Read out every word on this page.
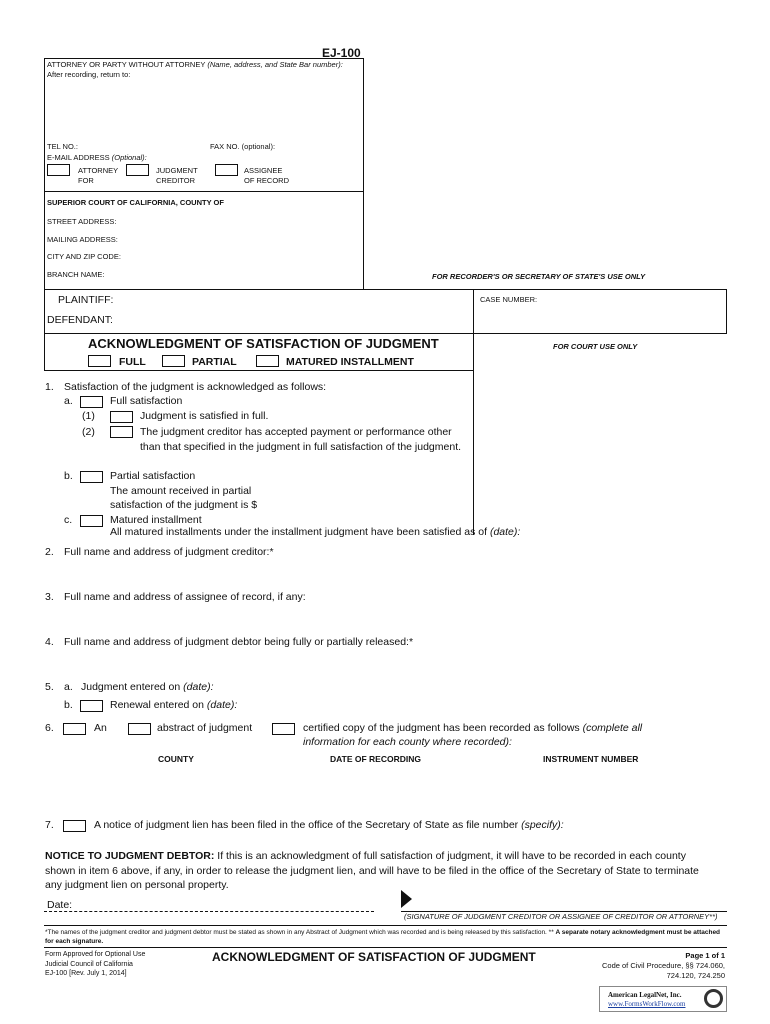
EJ-100
ATTORNEY OR PARTY WITHOUT ATTORNEY (Name, address, and State Bar number):
After recording, return to:
TEL NO.:	FAX NO. (optional):
E-MAIL ADDRESS (Optional):
ATTORNEY
FOR
JUDGMENT
CREDITOR
ASSIGNEE
OF RECORD
SUPERIOR COURT OF CALIFORNIA, COUNTY OF
STREET ADDRESS:
MAILING ADDRESS:
CITY AND ZIP CODE:
BRANCH NAME:	FOR RECORDER'S OR SECRETARY OF STATE'S USE ONLY
PLAINTIFF:
DEFENDANT:
CASE NUMBER:
ACKNOWLEDGMENT OF SATISFACTION OF JUDGMENT	FOR COURT USE ONLY
FULL	PARTIAL	MATURED INSTALLMENT
1. Satisfaction of the judgment is acknowledged as follows:
a.	Full satisfaction
(1)	Judgment is satisfied in full.
(2)	The judgment creditor has accepted payment or performance other than that specified in the judgment in full satisfaction of the judgment.
b.	Partial satisfaction
The amount received in partial
satisfaction of the judgment is $
c.	Matured installment
All matured installments under the installment judgment have been satisfied as of (date):
2. Full name and address of judgment creditor:*
3. Full name and address of assignee of record, if any:
4. Full name and address of judgment debtor being fully or partially released:*
5. a. Judgment entered on (date):
b.	Renewal entered on (date):
6.	An	abstract of judgment	certified copy of the judgment has been recorded as follows (complete all
information for each county where recorded):
COUNTY	DATE OF RECORDING	INSTRUMENT NUMBER
7.	A notice of judgment lien has been filed in the office of the Secretary of State as file number (specify):
NOTICE TO JUDGMENT DEBTOR: If this is an acknowledgment of full satisfaction of judgment, it will have to be recorded in each county shown in item 6 above, if any, in order to release the judgment lien, and will have to be filed in the office of the Secretary of State to terminate any judgment lien on personal property.
Date:
(SIGNATURE OF JUDGMENT CREDITOR OR ASSIGNEE OF CREDITOR OR ATTORNEY**)
*The names of the judgment creditor and judgment debtor must be stated as shown in any Abstract of Judgment which was recorded and is being released by this satisfaction. ** A separate notary acknowledgment must be attached for each signature.
Form Approved for Optional Use
Judicial Council of California
EJ-100 [Rev. July 1, 2014]
ACKNOWLEDGMENT OF SATISFACTION OF JUDGMENT	Page 1 of 1
Code of Civil Procedure, §§ 724.060,
724.120, 724.250
American LegalNet, Inc.
www.FormsWorkFlow.com
